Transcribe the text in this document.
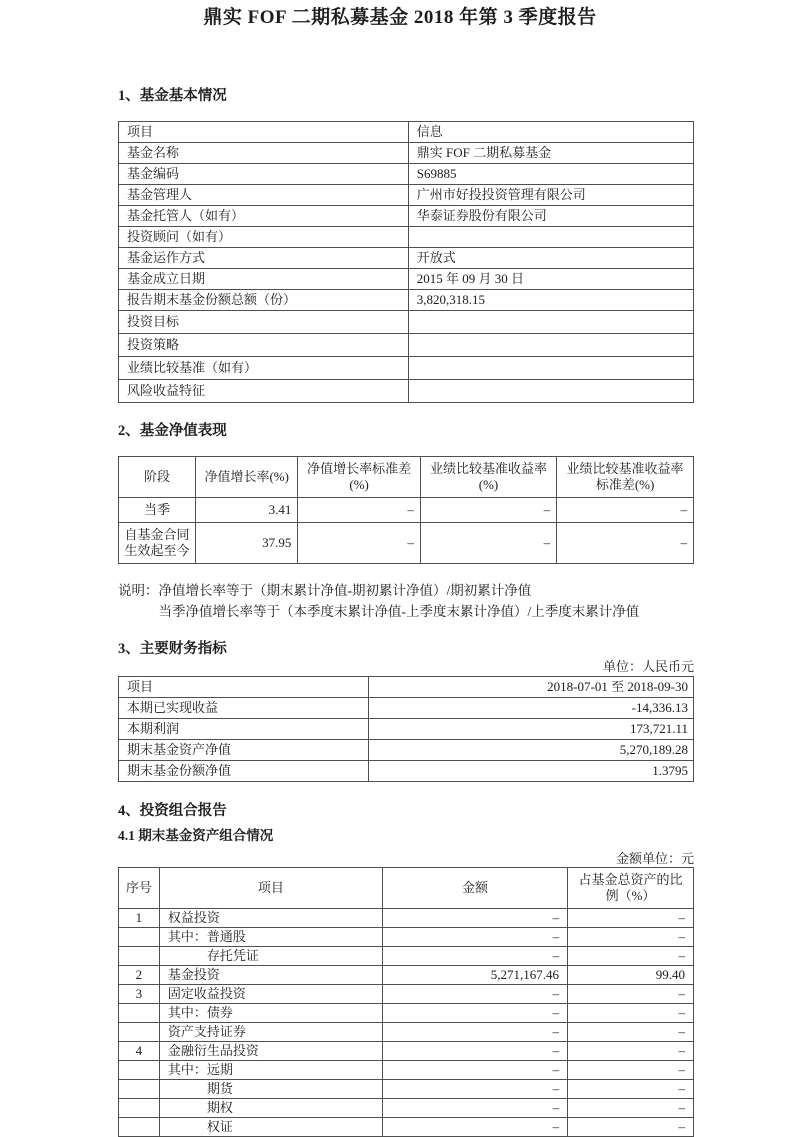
鼎实 FOF 二期私募基金 2018 年第 3 季度报告
1、基金基本情况
项目	信息
基金名称	鼎实 FOF 二期私募基金
基金编码	S69885
基金管理人	广州市好投投资管理有限公司
基金托管人（如有）	华泰证券股份有限公司
投资顾问（如有）	
基金运作方式	开放式
基金成立日期	2015 年 09 月 30 日
报告期末基金份额总额（份）	3,820,318.15
投资目标	
投资策略	
业绩比较基准（如有）	
风险收益特征	
2、基金净值表现
阶段	净值增长率(%)	净值增长率标准差(%)	业绩比较基准收益率(%)	业绩比较基准收益率标准差(%)
当季	3.41	–	–	–
自基金合同生效起至今	37.95	–	–	–
说明： 净值增长率等于（期末累计净值-期初累计净值）/期初累计净值
当季净值增长率等于（本季度末累计净值-上季度末累计净值）/上季度末累计净值
3、主要财务指标
单位：人民币元
项目	2018-07-01 至 2018-09-30
本期已实现收益	-14,336.13
本期利润	173,721.11
期末基金资产净值	5,270,189.28
期末基金份额净值	1.3795
4、投资组合报告
4.1 期末基金资产组合情况
金额单位：元
序号	项目	金额	占基金总资产的比例（%）
1	权益投资	–	–
	其中：普通股	–	–
	存托凭证	–	–
2	基金投资	5,271,167.46	99.40
3	固定收益投资	–	–
	其中：债券	–	–
	资产支持证券	–	–
4	金融衍生品投资	–	–
	其中：远期	–	–
	期货	–	–
	期权	–	–
	权证	–	–
